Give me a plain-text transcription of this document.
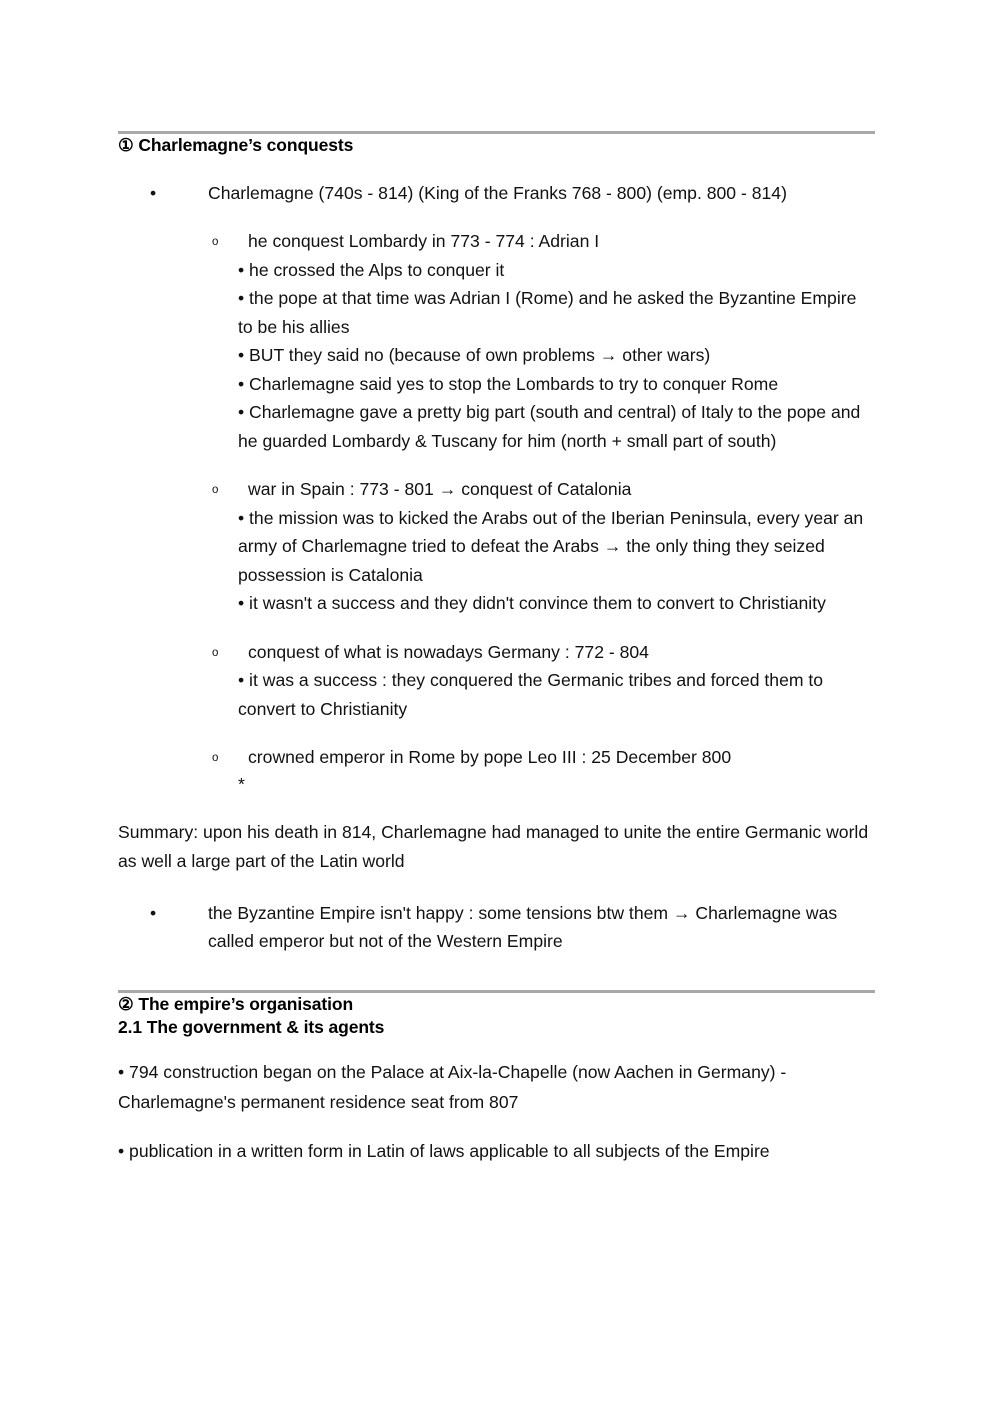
① Charlemagne’s conquests
•	Charlemagne (740s - 814) (King of the Franks 768 - 800) (emp. 800 - 814)
o he conquest Lombardy in 773 - 774 : Adrian I

• he crossed the Alps to conquer it

• the pope at that time was Adrian I (Rome) and he asked the Byzantine Empire to be his allies

• BUT they said no (because of own problems → other wars)

• Charlemagne said yes to stop the Lombards to try to conquer Rome

• Charlemagne gave a pretty big part (south and central) of Italy to the pope and he guarded Lombardy & Tuscany for him (north + small part of south)

o war in Spain : 773 - 801 → conquest of Catalonia

• the mission was to kicked the Arabs out of the Iberian Peninsula, every year an army of Charlemagne tried to defeat the Arabs → the only thing they seized possession is Catalonia

• it wasn't a success and they didn't convince them to convert to Christianity

o conquest of what is nowadays Germany : 772 - 804

• it was a success : they conquered the Germanic tribes and forced them to convert to Christianity

o crowned emperor in Rome by pope Leo III : 25 December 800
*
Summary: upon his death in 814, Charlemagne had managed to unite the entire Germanic world as well a large part of the Latin world
•	the Byzantine Empire isn't happy : some tensions btw them → Charlemagne was called emperor but not of the Western Empire
② The empire’s organisation
2.1 The government & its agents
• 794 construction began on the Palace at Aix-la-Chapelle (now Aachen in Germany) - Charlemagne's permanent residence seat from 807
• publication in a written form in Latin of laws applicable to all subjects of the Empire
